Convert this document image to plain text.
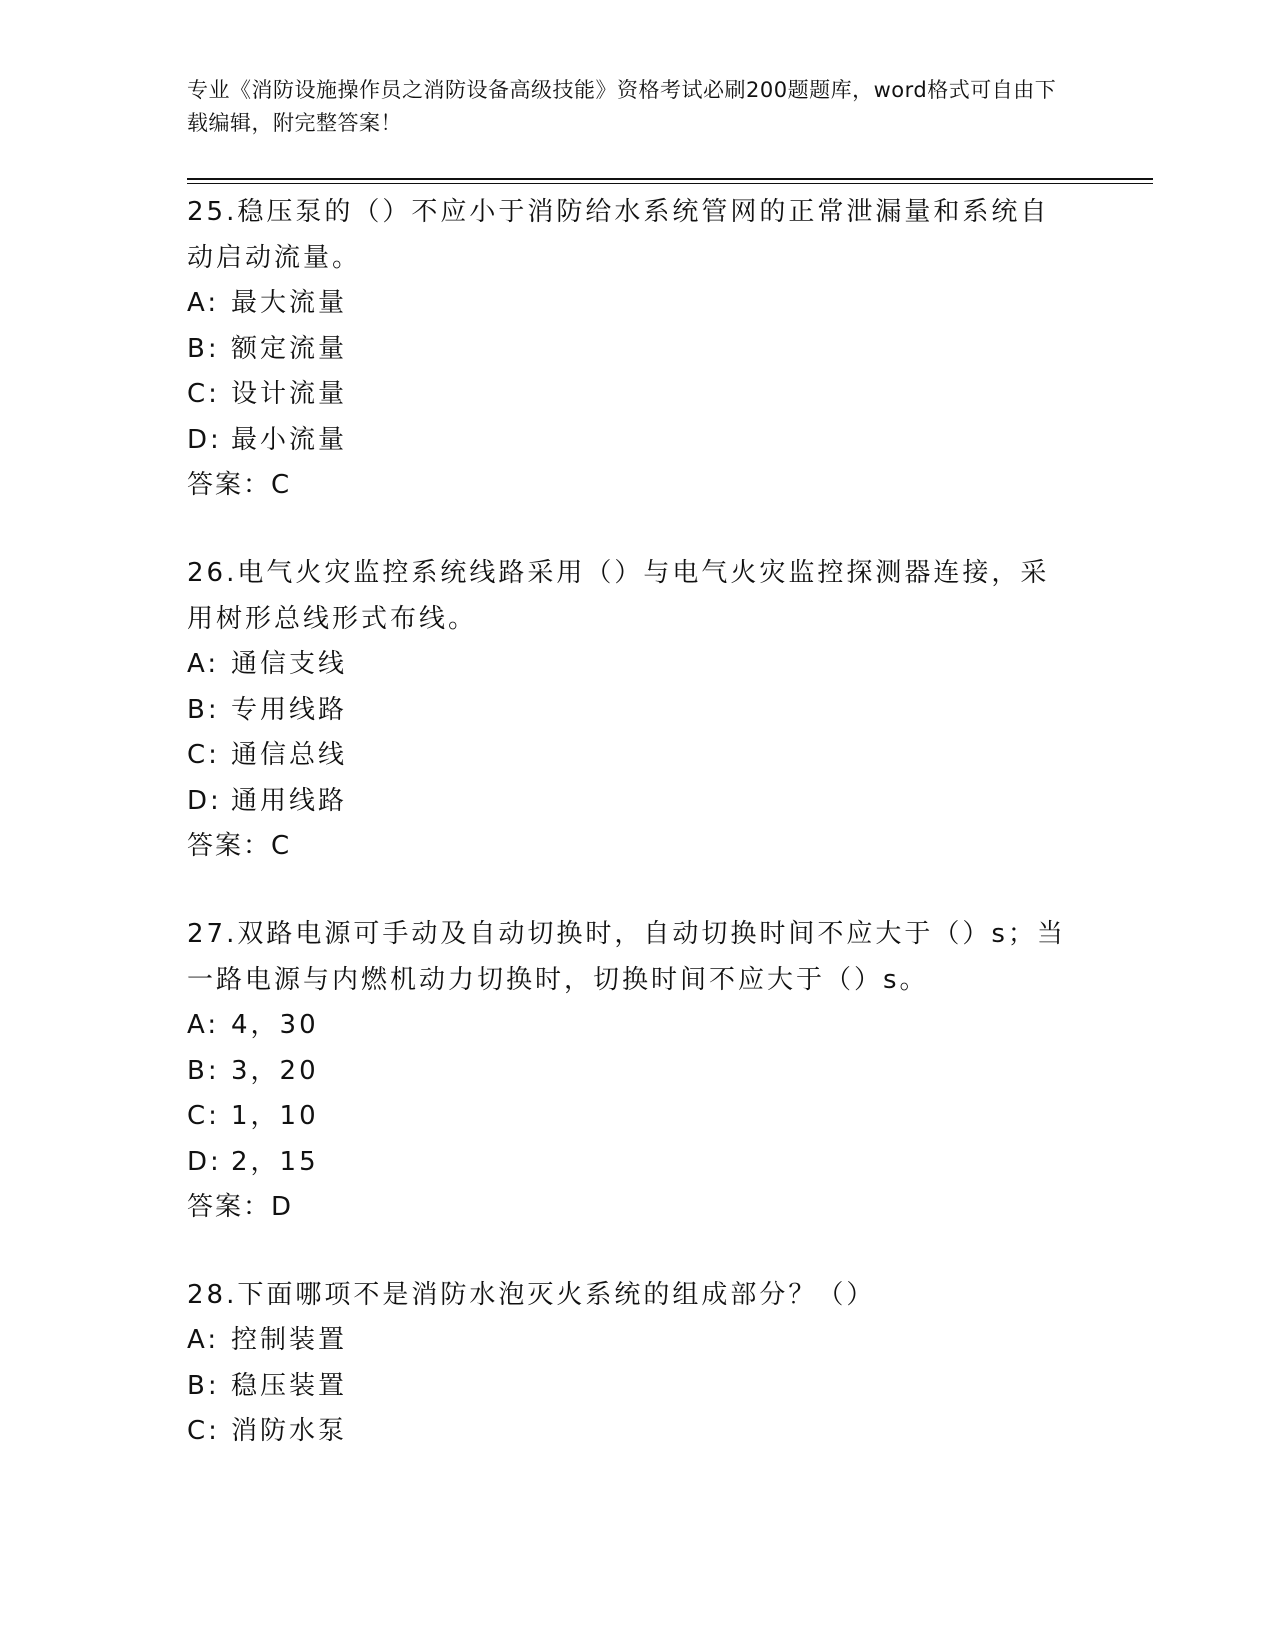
专业《消防设施操作员之消防设备高级技能》资格考试必刷200题题库，word格式可自由下载编辑，附完整答案！
25.稳压泵的（）不应小于消防给水系统管网的正常泄漏量和系统自动启动流量。
A: 最大流量
B: 额定流量
C: 设计流量
D: 最小流量
答案：C
26.电气火灾监控系统线路采用（）与电气火灾监控探测器连接，采用树形总线形式布线。
A: 通信支线
B: 专用线路
C: 通信总线
D: 通用线路
答案：C
27.双路电源可手动及自动切换时，自动切换时间不应大于（）s；当一路电源与内燃机动力切换时，切换时间不应大于（）s。
A: 4，30
B: 3，20
C: 1，10
D: 2，15
答案：D
28.下面哪项不是消防水泡灭火系统的组成部分？（）
A: 控制装置
B: 稳压装置
C: 消防水泵
